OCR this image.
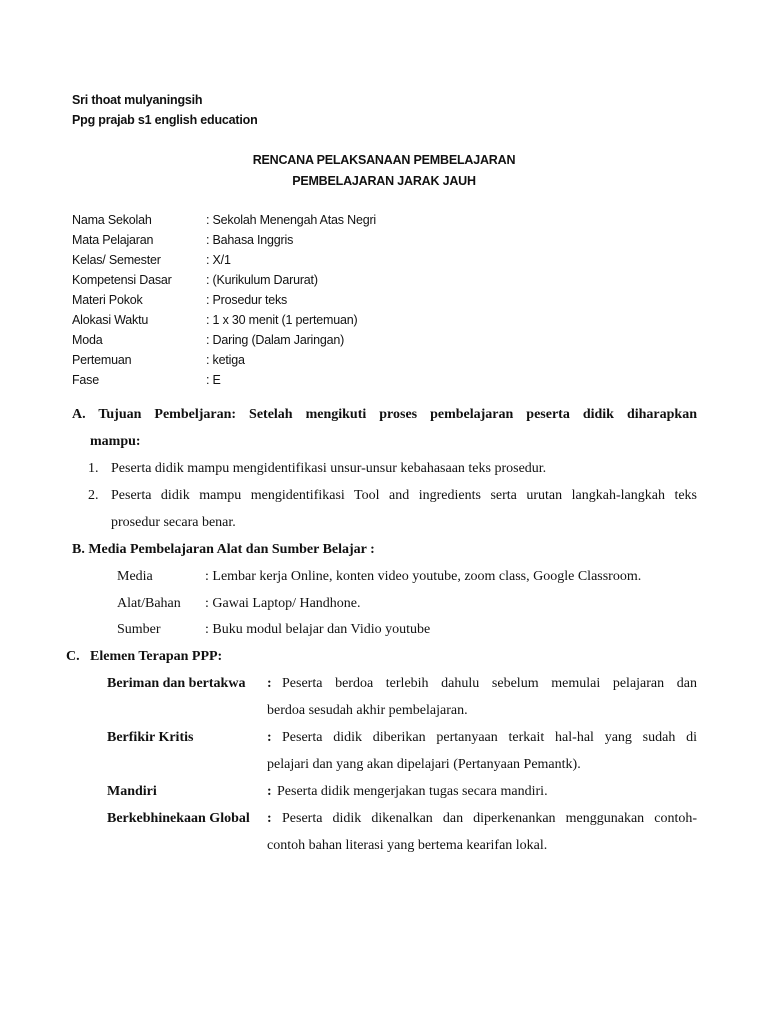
Sri thoat mulyaningsih
Ppg prajab s1 english education
RENCANA PELAKSANAAN PEMBELAJARAN
PEMBELAJARAN JARAK JAUH
Nama Sekolah	: Sekolah Menengah Atas Negri
Mata Pelajaran	: Bahasa Inggris
Kelas/ Semester	: X/1
Kompetensi Dasar	: (Kurikulum Darurat)
Materi Pokok	: Prosedur teks
Alokasi Waktu	: 1 x 30 menit (1 pertemuan)
Moda	: Daring (Dalam Jaringan)
Pertemuan	: ketiga
Fase	: E
A. Tujuan Pembeljaran: Setelah mengikuti proses pembelajaran peserta didik diharapkan
mampu:
1. Peserta didik mampu mengidentifikasi unsur-unsur kebahasaan teks prosedur.
2. Peserta didik mampu mengidentifikasi Tool and ingredients serta urutan langkah-langkah teks
prosedur secara benar.
B. Media Pembelajaran Alat dan Sumber Belajar :
Media	: Lembar kerja Online, konten video youtube, zoom class, Google Classroom.
Alat/Bahan : Gawai Laptop/ Handhone.
Sumber	: Buku modul belajar dan Vidio youtube
C. Elemen Terapan PPP:
Beriman dan bertakwa : Peserta berdoa terlebih dahulu sebelum memulai pelajaran dan
berdoa sesudah akhir pembelajaran.
Berfikir Kritis	: Peserta didik diberikan pertanyaan terkait hal-hal yang sudah di
pelajari dan yang akan dipelajari (Pertanyaan Pemantk).
Mandiri	: Peserta didik mengerjakan tugas secara mandiri.
Berkebhinekaan Global : Peserta didik dikenalkan dan diperkenankan menggunakan contoh-
contoh bahan literasi yang bertema kearifan lokal.
